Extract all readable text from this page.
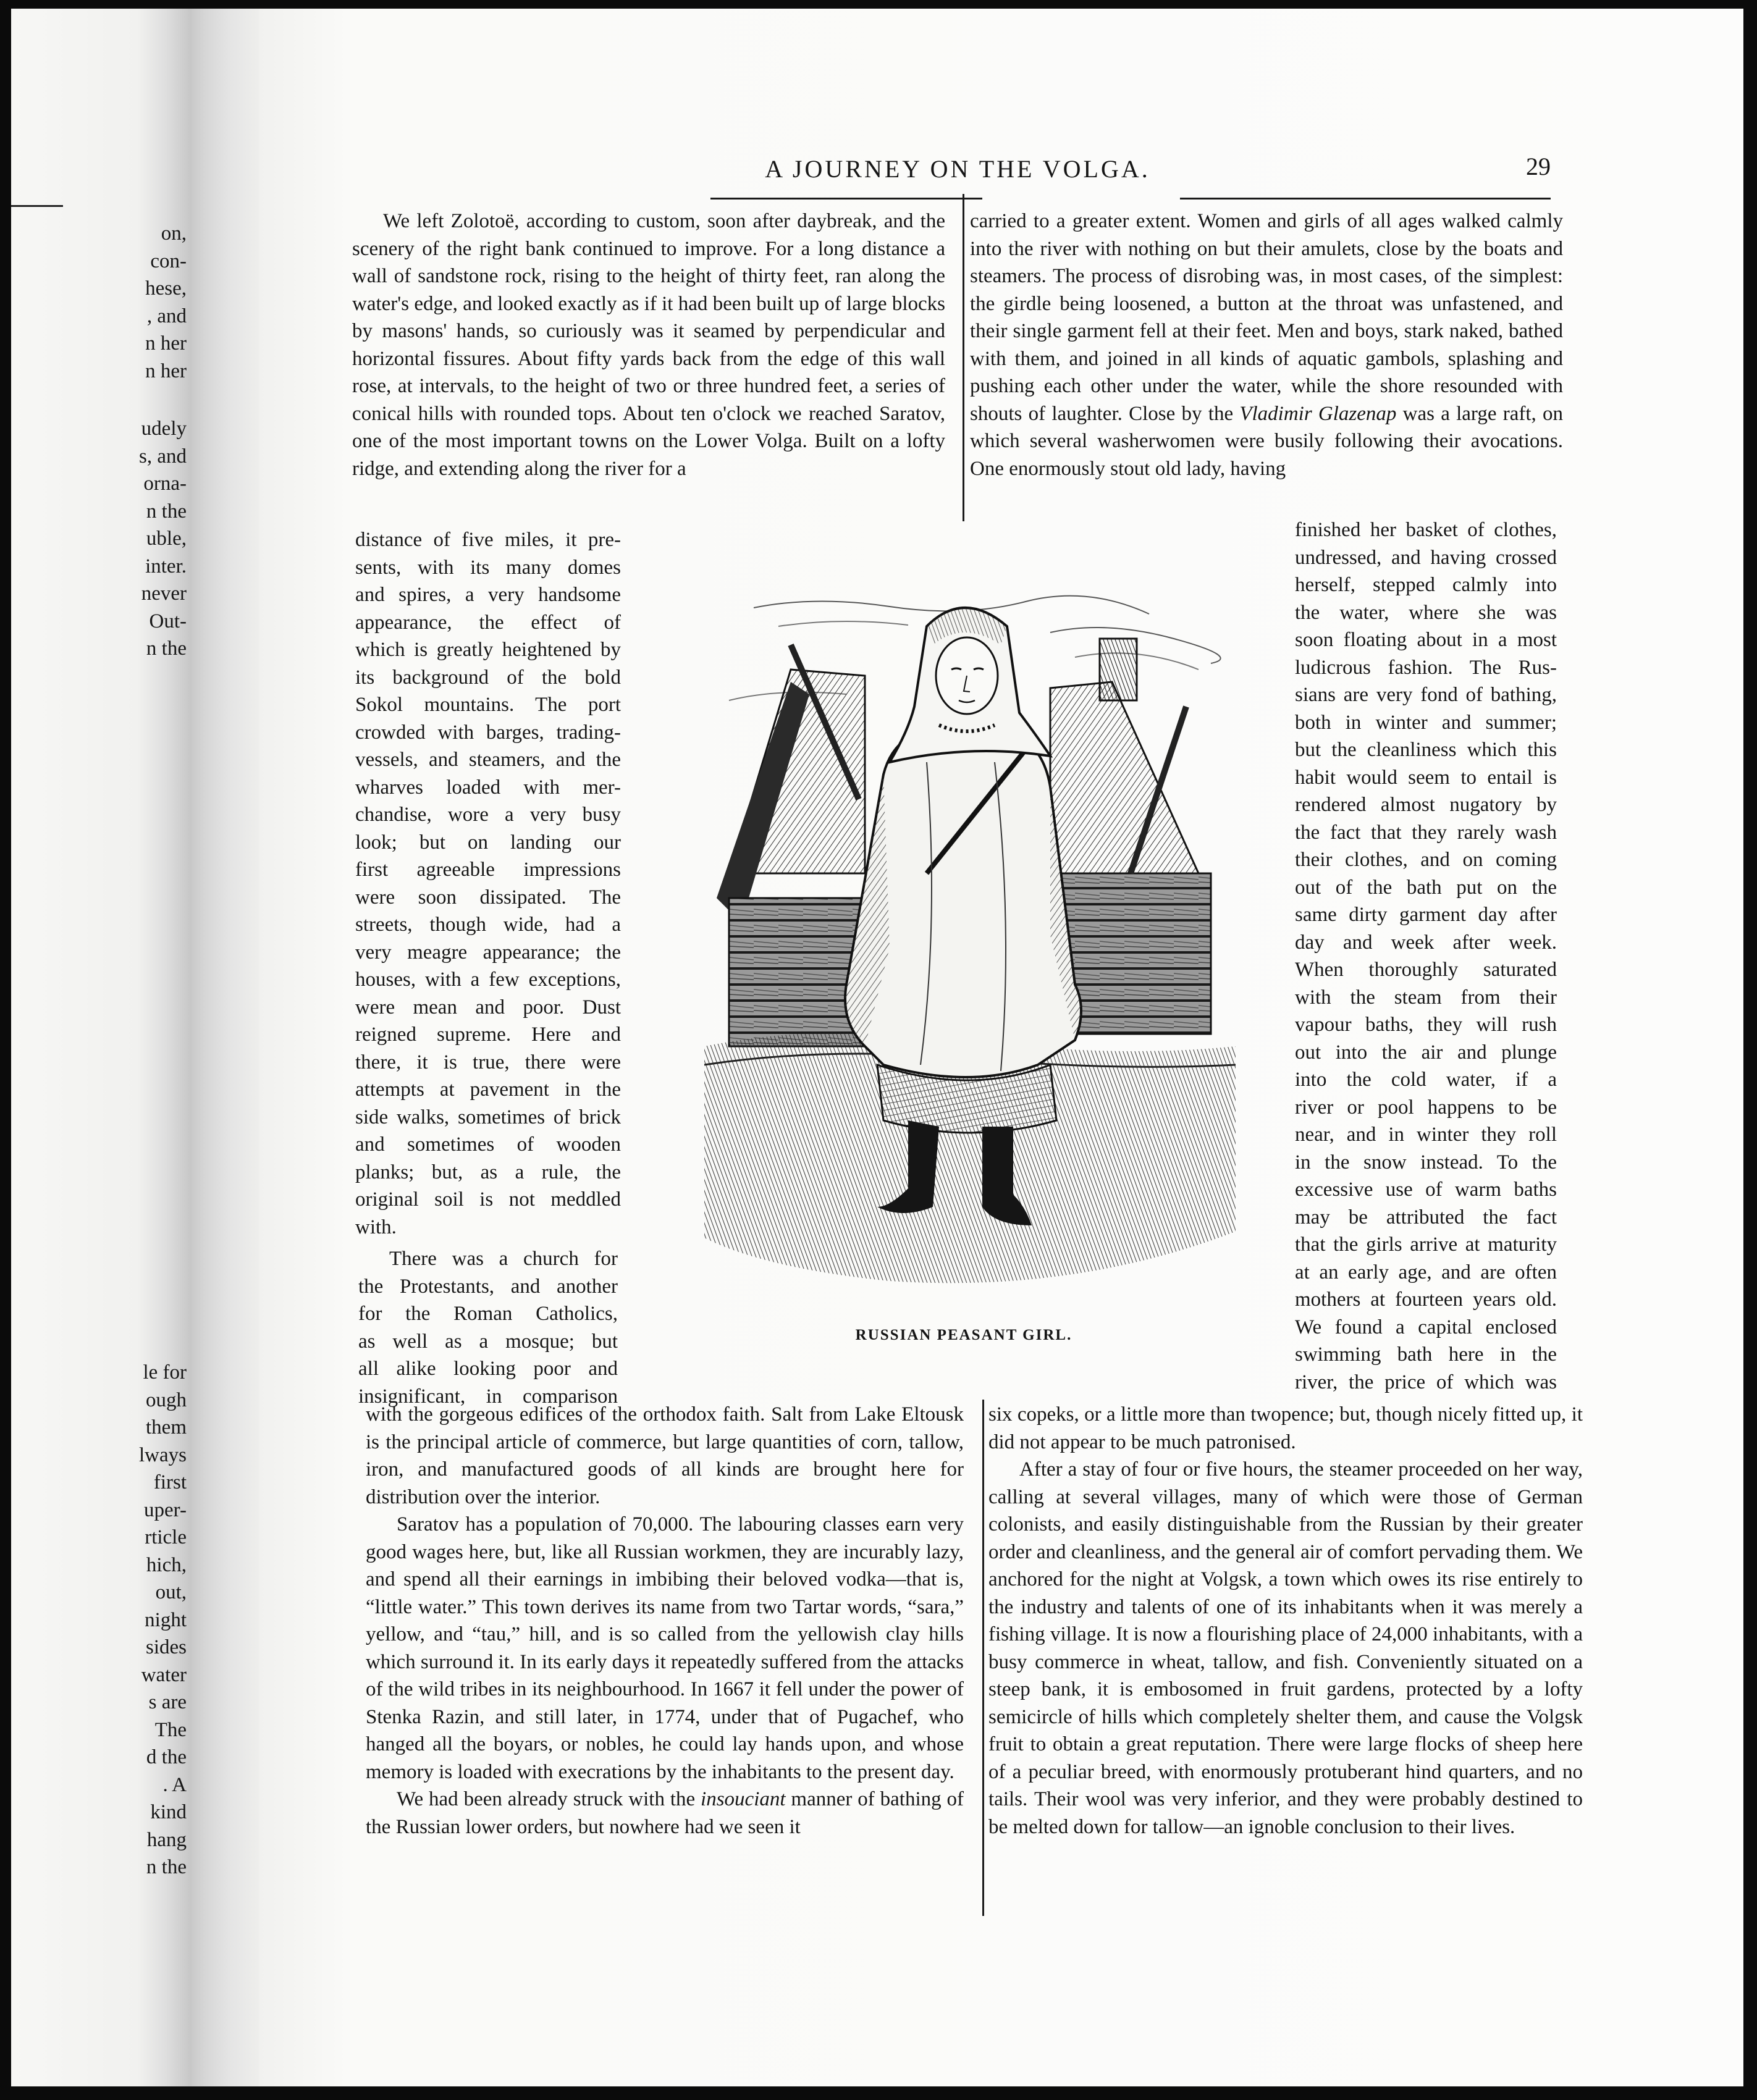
on,
con-
hese,
, and
n her
n her
udely
s, and
orna-
n the
uble,
inter.
never
Out-
n the
le for
ough
them
lways
first
uper-
rticle
hich,
out,
night
sides
water
s are
The
d the
. A
kind
hang
n the
A JOURNEY ON THE VOLGA.	29

We left Zolotoë, according to custom, soon after daybreak, and the scenery of the right bank continued to improve. For a long distance a wall of sandstone rock, rising to the height of thirty feet, ran along the water's edge, and looked exactly as if it had been built up of large blocks by masons' hands, so curiously was it seamed by perpendicular and horizontal fissures. About fifty yards back from the edge of this wall rose, at intervals, to the height of two or three hundred feet, a series of conical hills with rounded tops. About ten o'clock we reached Saratov, one of the most important towns on the Lower Volga. Built on a lofty ridge, and extending along the river for a

distance of five miles, it pre-
sents, with its many domes
and spires, a very handsome
appearance, the effect of
which is greatly heightened by
its background of the bold
Sokol mountains. The port
crowded with barges, trading-
vessels, and steamers, and the
wharves loaded with mer-
chandise, wore a very busy
look; but on landing our
first agreeable impressions
were soon dissipated. The
streets, though wide, had a
very meagre appearance; the
houses, with a few exceptions,
were mean and poor. Dust
reigned supreme. Here and
there, it is true, there were
attempts at pavement in the
side walks, sometimes of brick
and sometimes of wooden
planks; but, as a rule, the
original soil is not meddled
with.
There was a church for
the Protestants, and another
for the Roman Catholics,
as well as a mosque; but
all alike looking poor and
insignificant, in comparison

with the gorgeous edifices of the orthodox faith. Salt from Lake Eltousk is the principal article of commerce, but large quantities of corn, tallow, iron, and manufactured goods of all kinds are brought here for distribution over the interior.

Saratov has a population of 70,000. The labouring classes earn very good wages here, but, like all Russian workmen, they are incurably lazy, and spend all their earnings in imbibing their beloved vodka—that is, “little water.” This town derives its name from two Tartar words, “sara,” yellow, and “tau,” hill, and is so called from the yellowish clay hills which surround it. In its early days it repeatedly suffered from the attacks of the wild tribes in its neighbourhood. In 1667 it fell under the power of Stenka Razin, and still later, in 1774, under that of Pugachef, who hanged all the boyars, or nobles, he could lay hands upon, and whose memory is loaded with execrations by the inhabitants to the present day.

We had been already struck with the insouciant manner of bathing of the Russian lower orders, but nowhere had we seen it

carried to a greater extent. Women and girls of all ages walked calmly into the river with nothing on but their amulets, close by the boats and steamers. The process of disrobing was, in most cases, of the simplest: the girdle being loosened, a button at the throat was unfastened, and their single garment fell at their feet. Men and boys, stark naked, bathed with them, and joined in all kinds of aquatic gambols, splashing and pushing each other under the water, while the shore resounded with shouts of laughter. Close by the Vladimir Glazenap was a large raft, on which several washerwomen were busily following their avocations. One enormously stout old lady, having

finished her basket of clothes,
undressed, and having crossed
herself, stepped calmly into
the water, where she was
soon floating about in a most
ludicrous fashion. The Rus-
sians are very fond of bathing,
both in winter and summer;
but the cleanliness which this
habit would seem to entail is
rendered almost nugatory by
the fact that they rarely wash
their clothes, and on coming
out of the bath put on the
same dirty garment day after
day and week after week.
When thoroughly saturated
with the steam from their
vapour baths, they will rush
out into the air and plunge
into the cold water, if a
river or pool happens to be
near, and in winter they roll
in the snow instead. To the
excessive use of warm baths
may be attributed the fact
that the girls arrive at maturity
at an early age, and are often
mothers at fourteen years old.
We found a capital enclosed
swimming bath here in the
river, the price of which was

six copeks, or a little more than twopence; but, though nicely fitted up, it did not appear to be much patronised.

After a stay of four or five hours, the steamer proceeded on her way, calling at several villages, many of which were those of German colonists, and easily distinguishable from the Russian by their greater order and cleanliness, and the general air of comfort pervading them. We anchored for the night at Volgsk, a town which owes its rise entirely to the industry and talents of one of its inhabitants when it was merely a fishing village. It is now a flourishing place of 24,000 inhabitants, with a busy commerce in wheat, tallow, and fish. Conveniently situated on a steep bank, it is embosomed in fruit gardens, protected by a lofty semicircle of hills which completely shelter them, and cause the Volgsk fruit to obtain a great reputation. There were large flocks of sheep here of a peculiar breed, with enormously protuberant hind quarters, and no tails. Their wool was very inferior, and they were probably destined to be melted down for tallow—an ignoble conclusion to their lives.

RUSSIAN PEASANT GIRL.
